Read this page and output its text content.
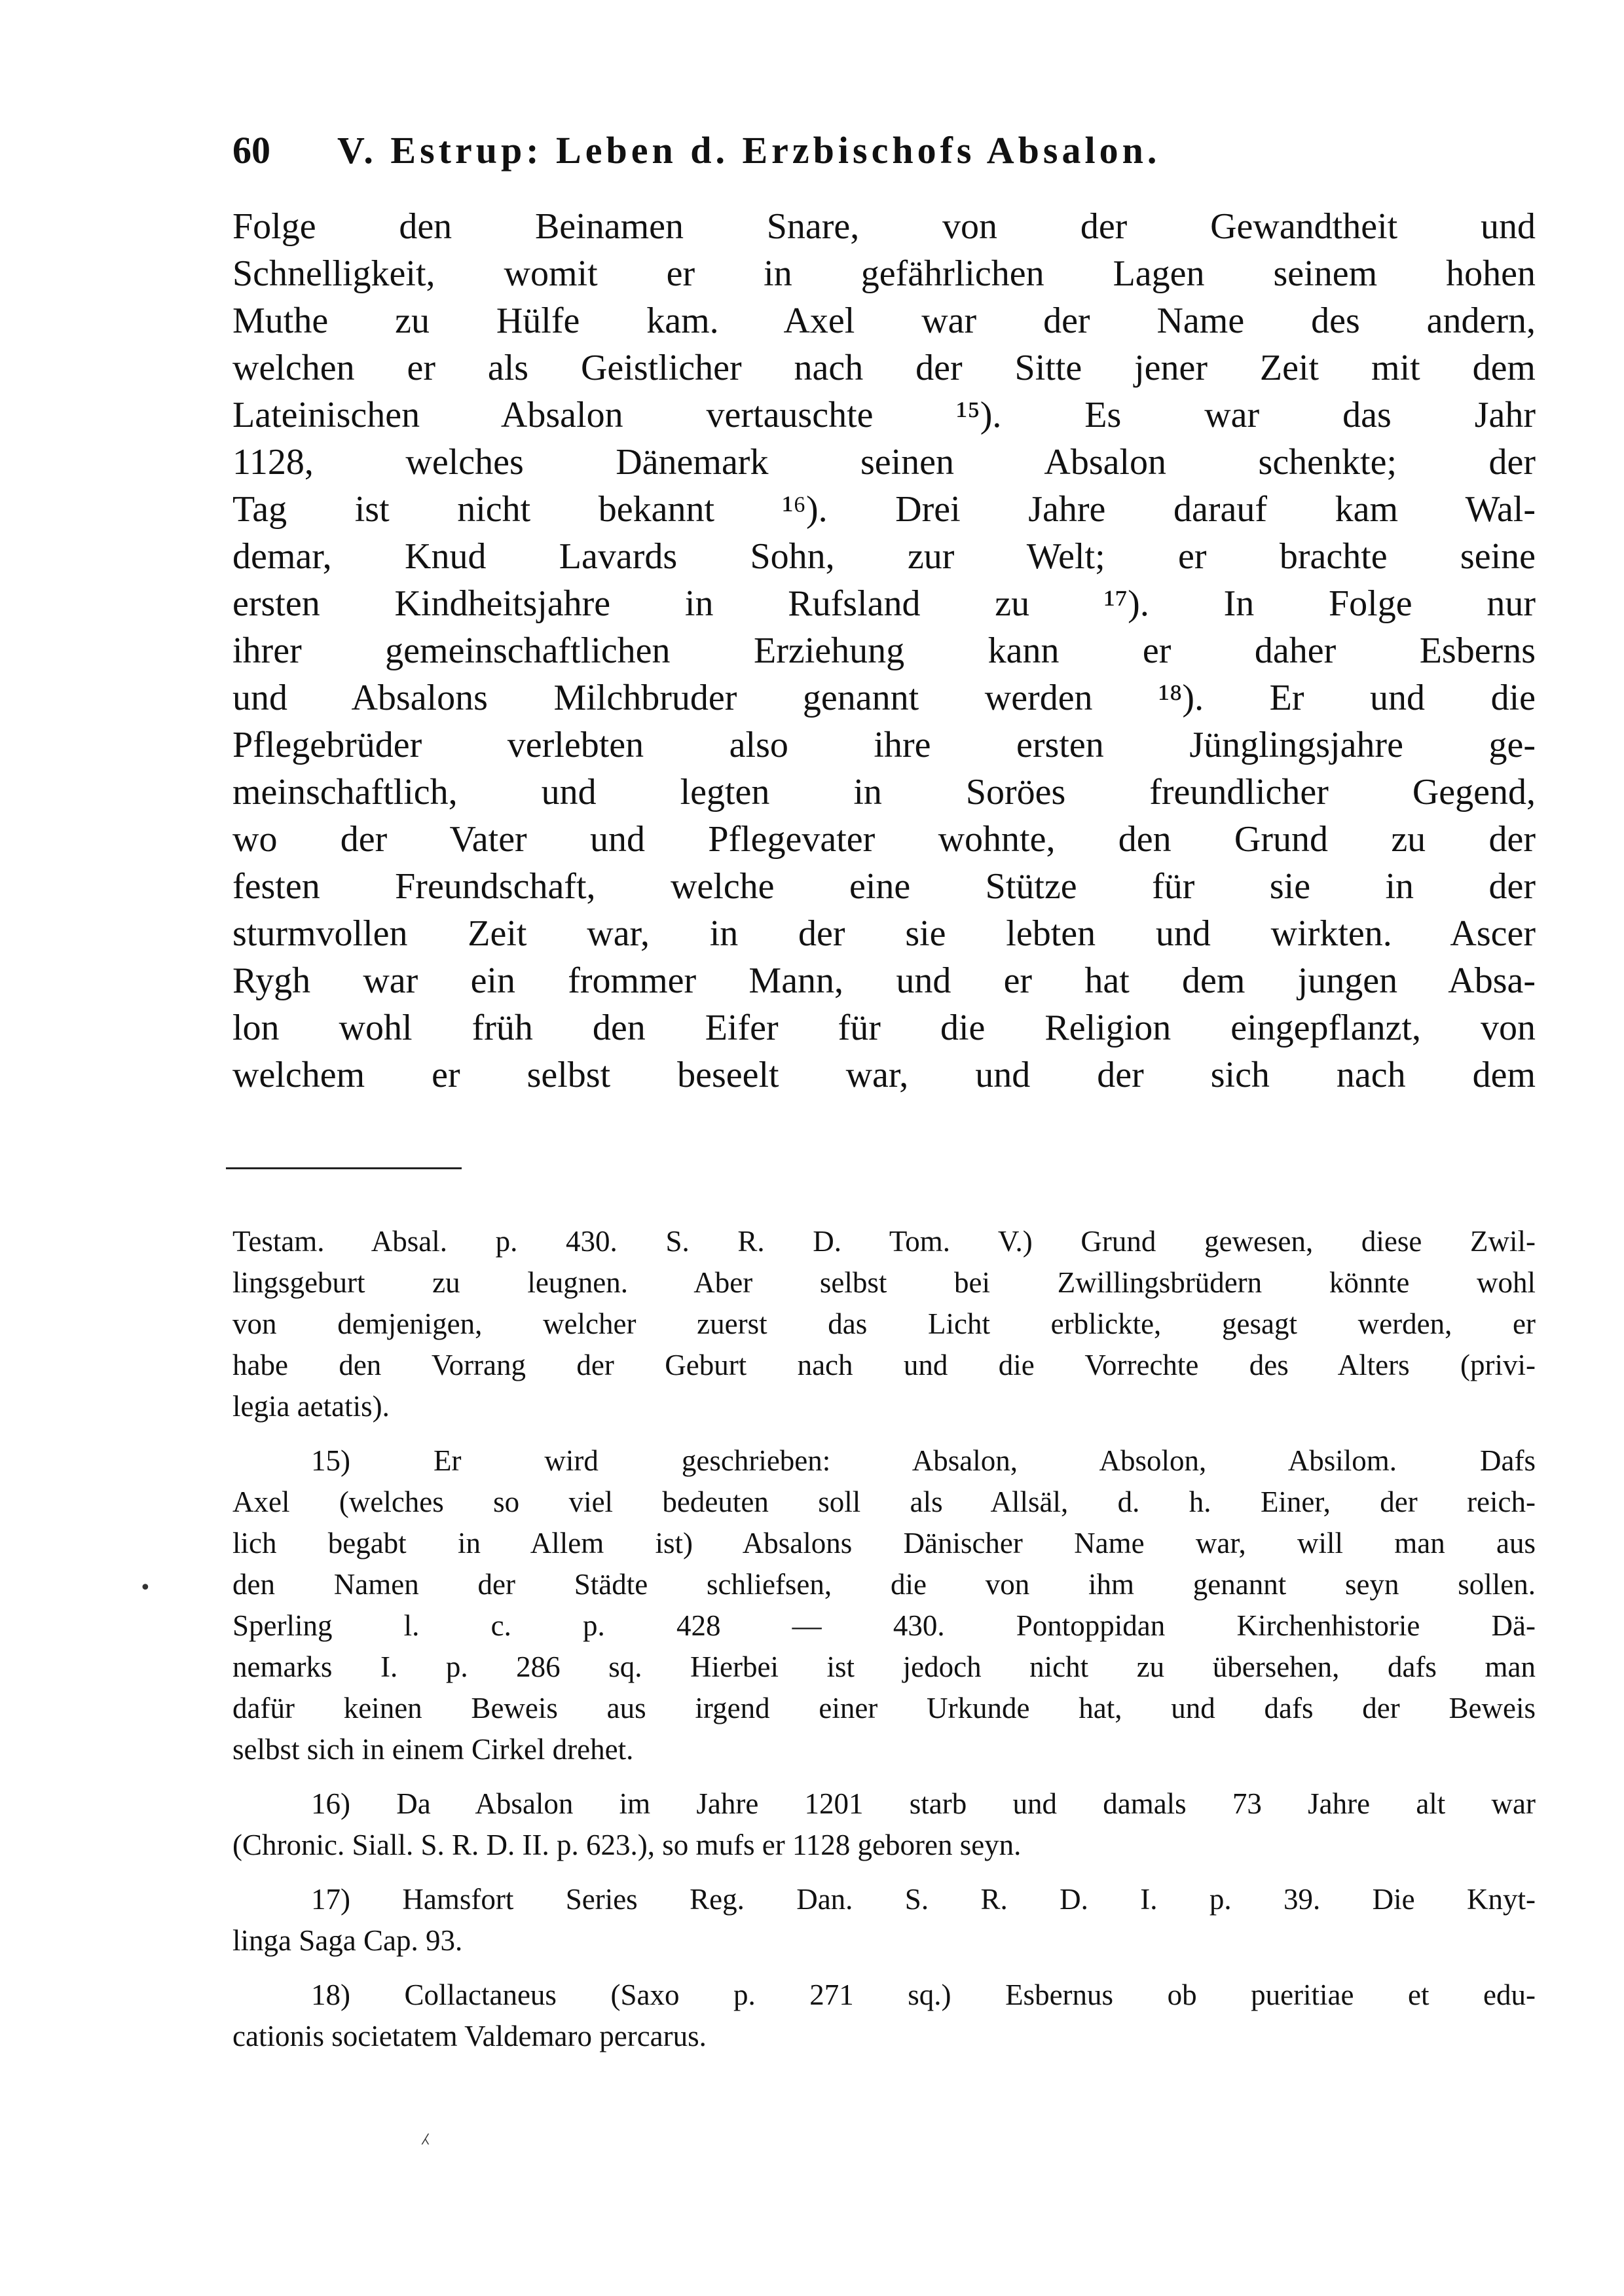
60 V. Estrup: Leben d. Erzbischofs Absalon.
Folge den Beinamen Snare, von der Gewandtheit und
Schnelligkeit, womit er in gefährlichen Lagen seinem hohen
Muthe zu Hülfe kam. Axel war der Name des andern,
welchen er als Geistlicher nach der Sitte jener Zeit mit dem
Lateinischen Absalon vertauschte ¹⁵). Es war das Jahr
1128, welches Dänemark seinen Absalon schenkte; der
Tag ist nicht bekannt ¹⁶). Drei Jahre darauf kam Wal-
demar, Knud Lavards Sohn, zur Welt; er brachte seine
ersten Kindheitsjahre in Rufsland zu ¹⁷). In Folge nur
ihrer gemeinschaftlichen Erziehung kann er daher Esberns
und Absalons Milchbruder genannt werden ¹⁸). Er und die
Pflegebrüder verlebten also ihre ersten Jünglingsjahre ge-
meinschaftlich, und legten in Soröes freundlicher Gegend,
wo der Vater und Pflegevater wohnte, den Grund zu der
festen Freundschaft, welche eine Stütze für sie in der
sturmvollen Zeit war, in der sie lebten und wirkten. Ascer
Rygh war ein frommer Mann, und er hat dem jungen Absa-
lon wohl früh den Eifer für die Religion eingepflanzt, von
welchem er selbst beseelt war, und der sich nach dem
Testam. Absal. p. 430. S. R. D. Tom. V.) Grund gewesen, diese Zwil-
lingsgeburt zu leugnen. Aber selbst bei Zwillingsbrüdern könnte wohl
von demjenigen, welcher zuerst das Licht erblickte, gesagt werden, er
habe den Vorrang der Geburt nach und die Vorrechte des Alters (privi-
legia aetatis).
15) Er wird geschrieben: Absalon, Absolon, Absilom. Dafs
Axel (welches so viel bedeuten soll als Allsäl, d. h. Einer, der reich-
lich begabt in Allem ist) Absalons Dänischer Name war, will man aus
den Namen der Städte schliefsen, die von ihm genannt seyn sollen.
Sperling l. c. p. 428 — 430. Pontoppidan Kirchenhistorie Dä-
nemarks I. p. 286 sq. Hierbei ist jedoch nicht zu übersehen, dafs man
dafür keinen Beweis aus irgend einer Urkunde hat, und dafs der Beweis
selbst sich in einem Cirkel drehet.
16) Da Absalon im Jahre 1201 starb und damals 73 Jahre alt war
(Chronic. Siall. S. R. D. II. p. 623.), so mufs er 1128 geboren seyn.
17) Hamsfort Series Reg. Dan. S. R. D. I. p. 39. Die Knyt-
linga Saga Cap. 93.
18) Collactaneus (Saxo p. 271 sq.) Esbernus ob pueritiae et edu-
cationis societatem Valdemaro percarus.
•
⁁
